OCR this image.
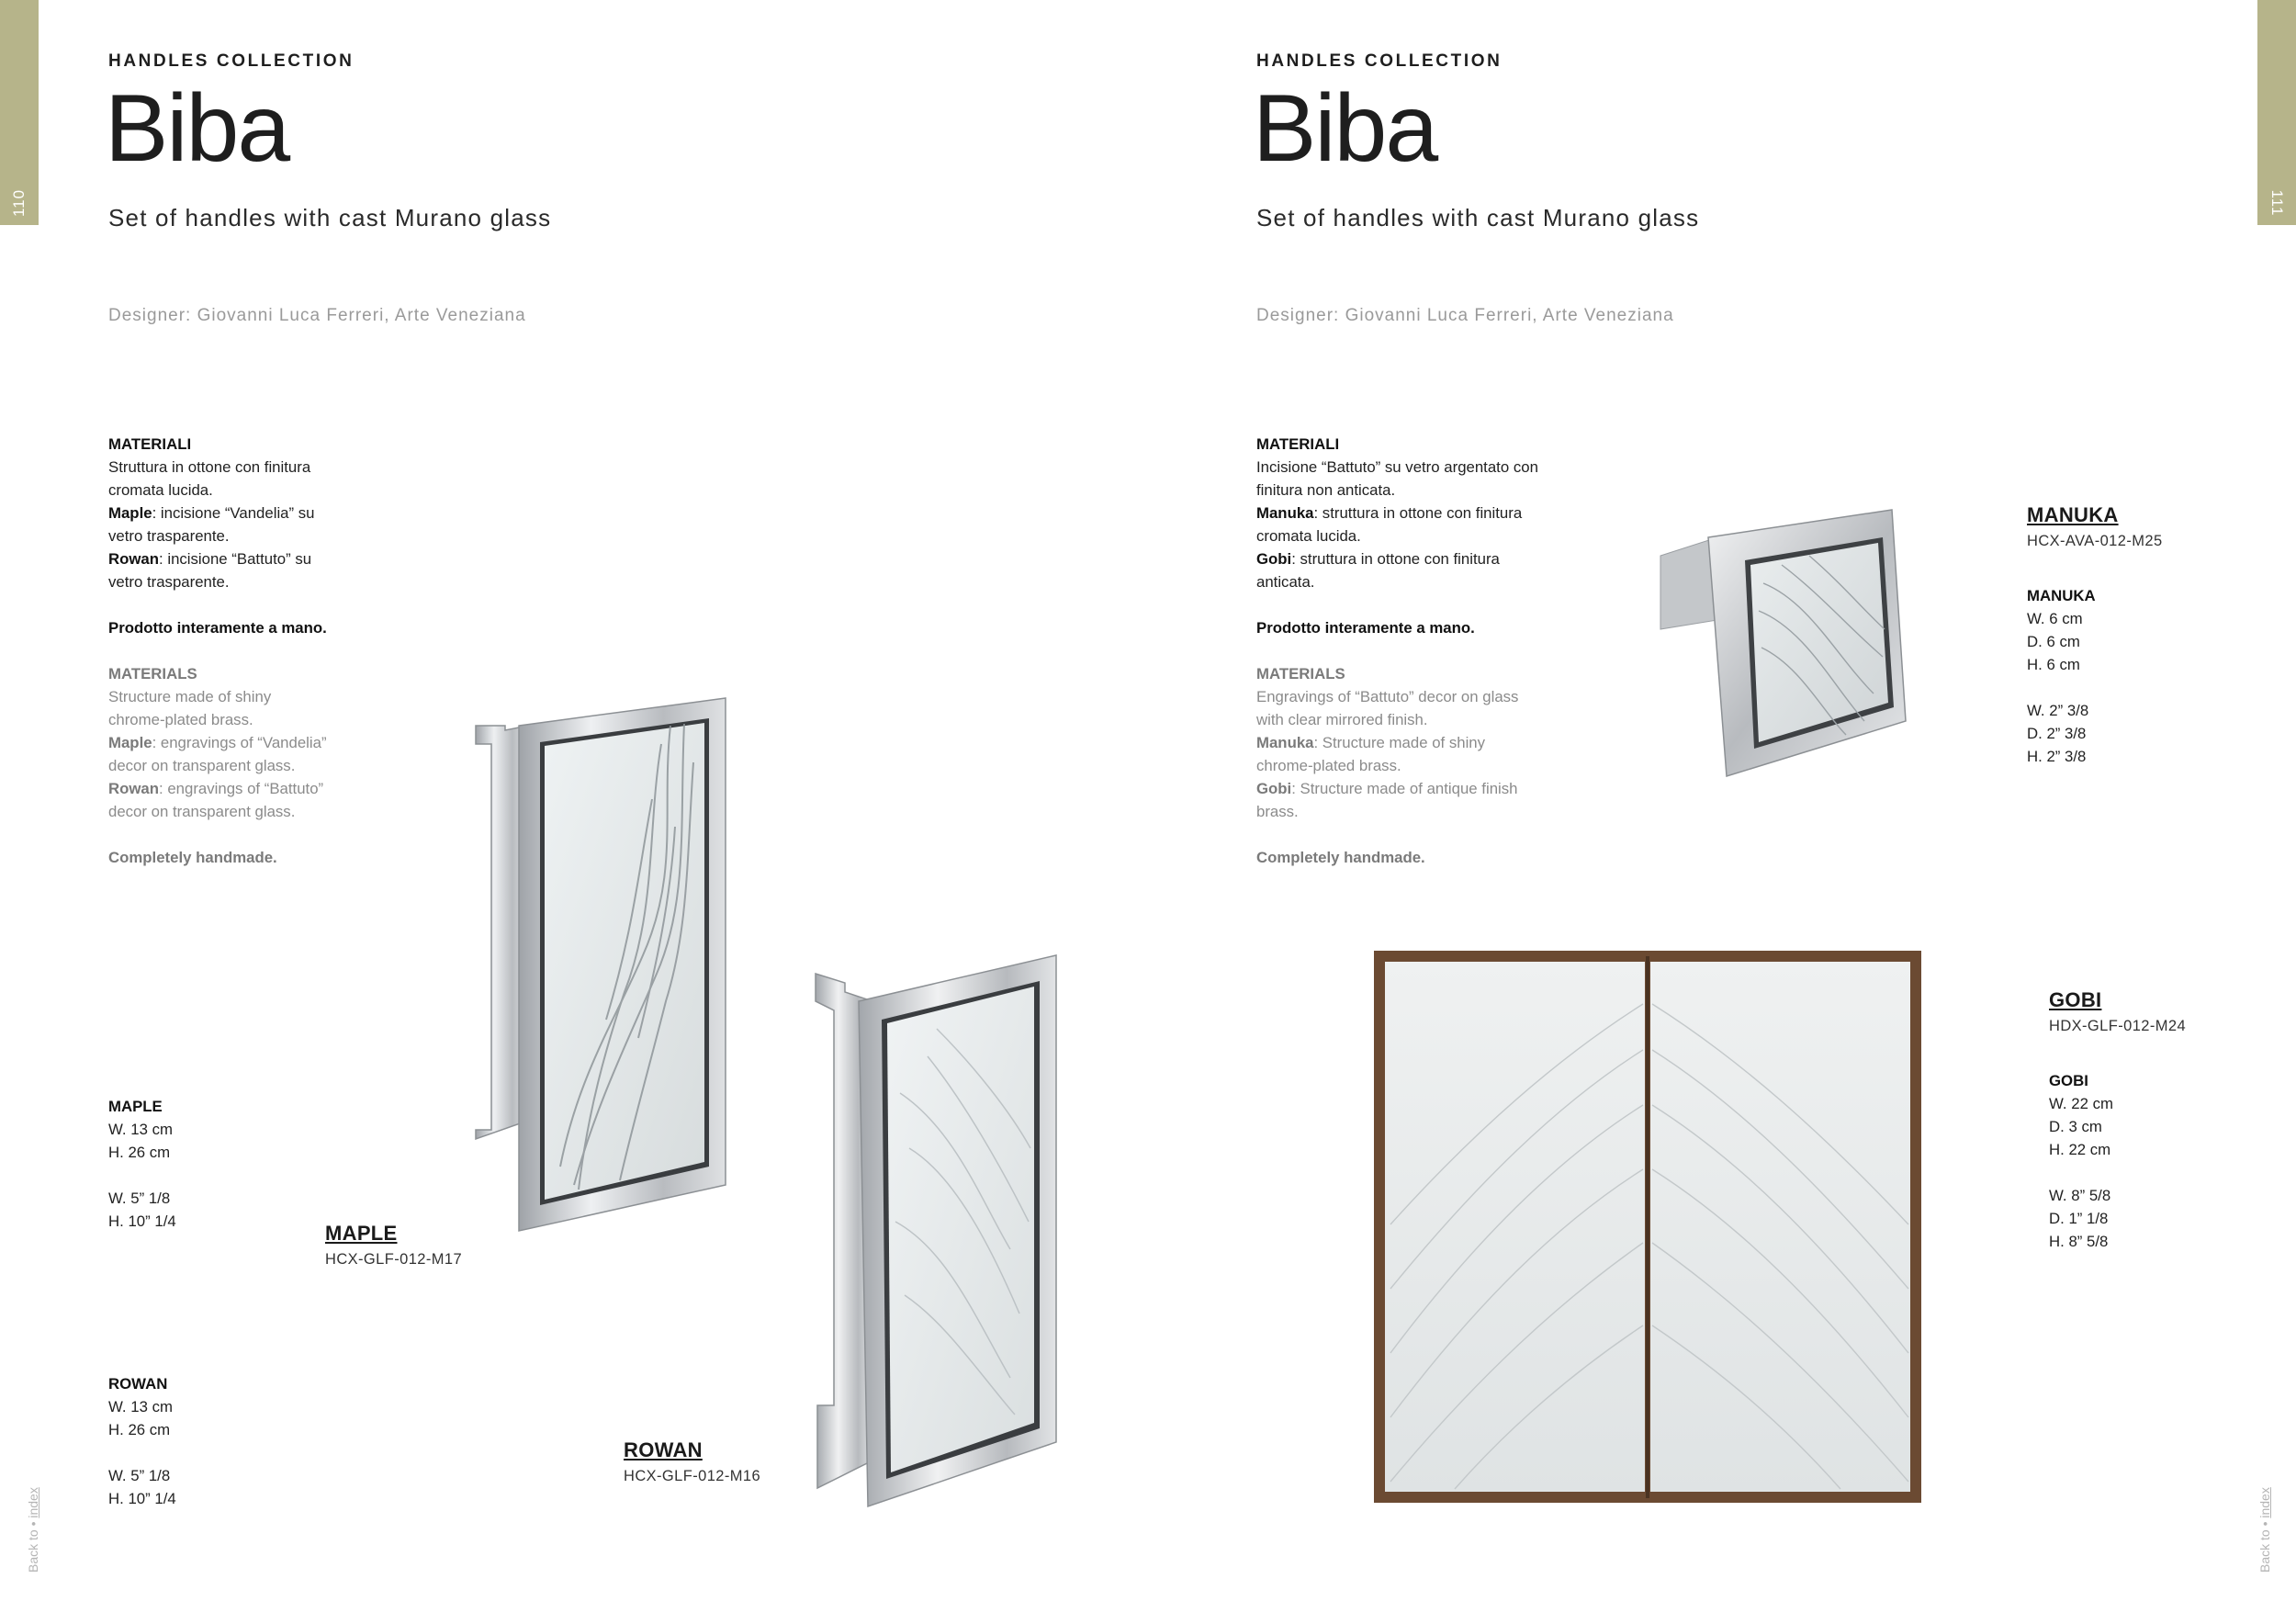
110
HANDLES COLLECTION
Biba
Set of handles with cast Murano glass
Designer: Giovanni Luca Ferreri, Arte Veneziana
MATERIALI
Struttura in ottone con finitura
cromata lucida.
Maple: incisione “Vandelia” su
vetro trasparente.
Rowan: incisione “Battuto” su
vetro trasparente.
Prodotto interamente a mano.
MATERIALS
Structure made of shiny
chrome-plated brass.
Maple: engravings of “Vandelia”
decor on transparent glass.
Rowan: engravings of “Battuto”
decor on transparent glass.
Completely handmade.
MAPLE
W. 13 cm
H. 26 cm
W. 5” 1/8
H. 10” 1/4
ROWAN
W. 13 cm
H. 26 cm
W. 5” 1/8
H. 10” 1/4
MAPLE
HCX-GLF-012-M17
ROWAN
HCX-GLF-012-M16
Back to • index
111
HANDLES COLLECTION
Biba
Set of handles with cast Murano glass
Designer: Giovanni Luca Ferreri, Arte Veneziana
MATERIALI
Incisione “Battuto” su vetro argentato con
finitura non anticata.
Manuka: struttura in ottone con finitura
cromata lucida.
Gobi: struttura in ottone con finitura
anticata.
Prodotto interamente a mano.
MATERIALS
Engravings of “Battuto” decor on glass
with clear mirrored finish.
Manuka: Structure made of shiny
chrome-plated brass.
Gobi: Structure made of antique finish
brass.
Completely handmade.
MANUKA
HCX-AVA-012-M25
MANUKA
W. 6 cm
D. 6 cm
H. 6 cm
W. 2” 3/8
D. 2” 3/8
H. 2” 3/8
GOBI
HDX-GLF-012-M24
GOBI
W. 22 cm
D. 3 cm
H. 22 cm
W. 8” 5/8
D. 1” 1/8
H. 8” 5/8
Back to • index
